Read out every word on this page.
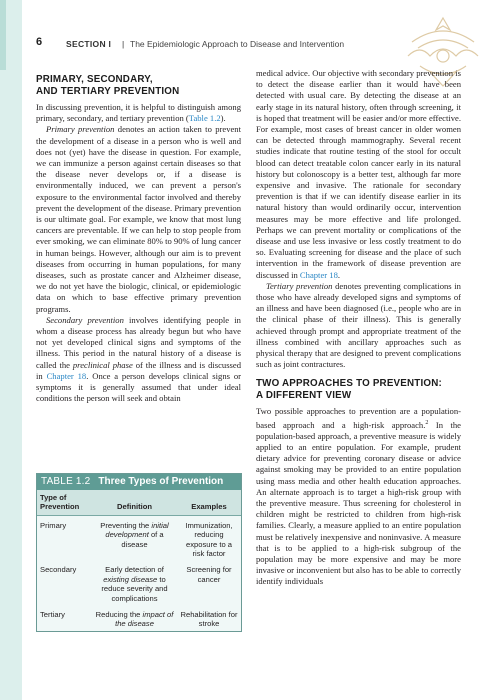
6	SECTION I | The Epidemiologic Approach to Disease and Intervention
PRIMARY, SECONDARY,
AND TERTIARY PREVENTION

In discussing prevention, it is helpful to distinguish among primary, secondary, and tertiary prevention (Table 1.2).

Primary prevention denotes an action taken to prevent the development of a disease in a person who is well and does not (yet) have the disease in question. For example, we can immunize a person against certain diseases so that the disease never develops or, if a disease is environmentally induced, we can prevent a person's exposure to the environmental factor involved and thereby prevent the development of the disease. Primary prevention is our ultimate goal. For example, we know that most lung cancers are preventable. If we can help to stop people from ever smoking, we can eliminate 80% to 90% of lung cancer in human beings. However, although our aim is to prevent diseases from occurring in human populations, for many diseases, such as prostate cancer and Alzheimer disease, we do not yet have the biologic, clinical, or epidemiologic data on which to base effective primary prevention programs.

Secondary prevention involves identifying people in whom a disease process has already begun but who have not yet developed clinical signs and symptoms of the illness. This period in the natural history of a disease is called the preclinical phase of the illness and is discussed in Chapter 18. Once a person develops clinical signs or symptoms it is generally assumed that under ideal conditions the person will seek and obtain

TABLE 1.2 Three Types of Prevention
Type of Prevention	Definition	Examples
Primary	Preventing the initial development of a disease	Immunization, reducing exposure to a risk factor
Secondary	Early detection of existing disease to reduce severity and complications	Screening for cancer
Tertiary	Reducing the impact of the disease	Rehabilitation for stroke

medical advice. Our objective with secondary prevention is to detect the disease earlier than it would have been detected with usual care. By detecting the disease at an early stage in its natural history, often through screening, it is hoped that treatment will be easier and/or more effective. For example, most cases of breast cancer in older women can be detected through mammography. Several recent studies indicate that routine testing of the stool for occult blood can detect treatable colon cancer early in its natural history but colonoscopy is a better test, although far more expensive and invasive. The rationale for secondary prevention is that if we can identify disease earlier in its natural history than would ordinarily occur, intervention measures may be more effective and life prolonged. Perhaps we can prevent mortality or complications of the disease and use less invasive or less costly treatment to do so. Evaluating screening for disease and the place of such intervention in the framework of disease prevention are discussed in Chapter 18.

Tertiary prevention denotes preventing complications in those who have already developed signs and symptoms of an illness and have been diagnosed (i.e., people who are in the clinical phase of their illness). This is generally achieved through prompt and appropriate treatment of the illness combined with ancillary approaches such as physical therapy that are designed to prevent complications such as joint contractures.

TWO APPROACHES TO PREVENTION:
A DIFFERENT VIEW

Two possible approaches to prevention are a population-based approach and a high-risk approach.$^2$ In the population-based approach, a preventive measure is widely applied to an entire population. For example, prudent dietary advice for preventing coronary disease or advice against smoking may be provided to an entire population using mass media and other health education approaches. An alternate approach is to target a high-risk group with the preventive measure. Thus screening for cholesterol in children might be restricted to children from high-risk families. Clearly, a measure applied to an entire population must be relatively inexpensive and noninvasive. A measure that is to be applied to a high-risk subgroup of the population may be more expensive and may be more invasive or inconvenient but also has to be able to correctly identify individuals
